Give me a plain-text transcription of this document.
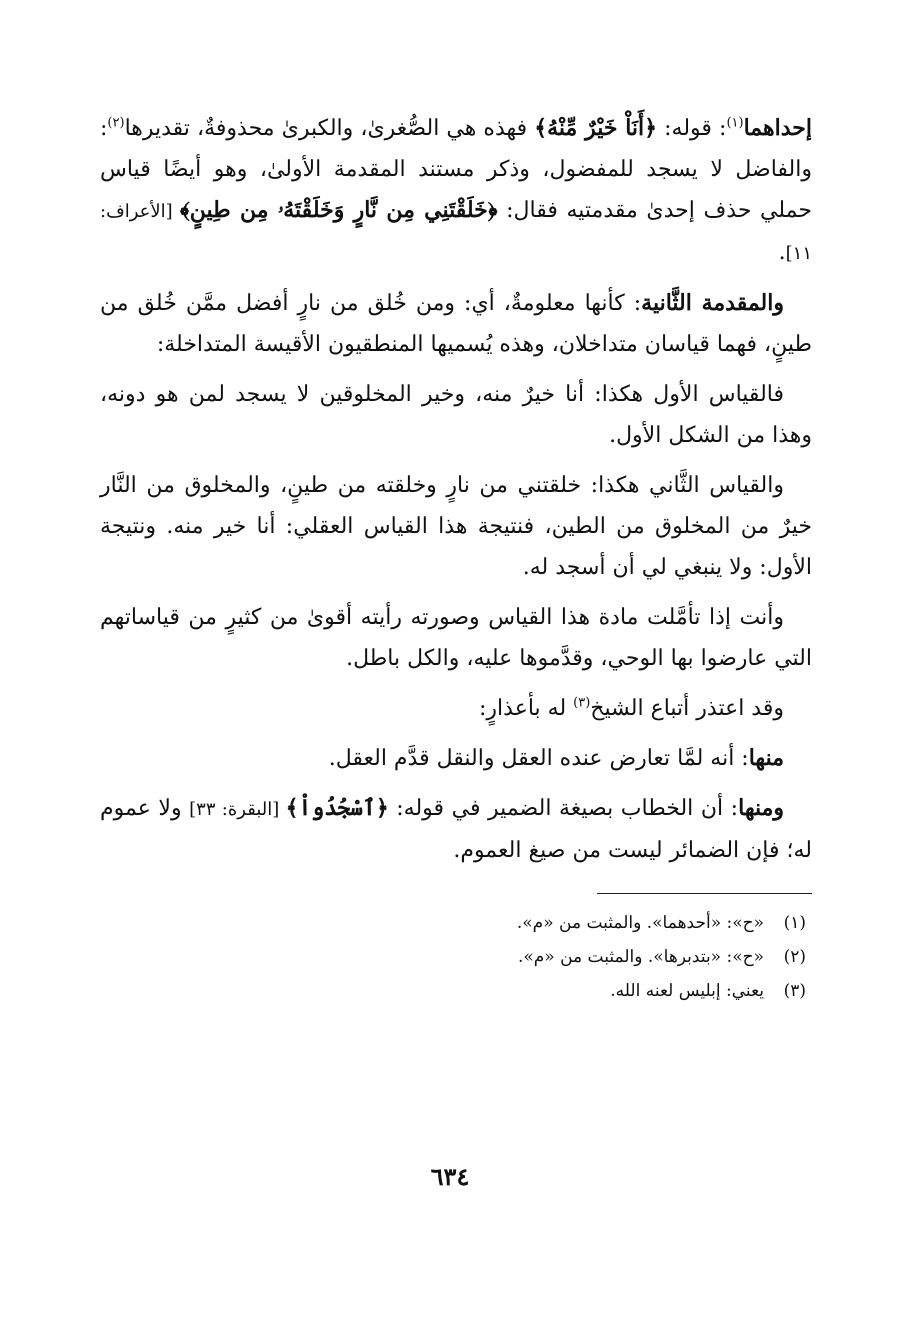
إحداهما$^{(١)}$: قوله: ﴿أَنَاْ خَيْرٌ مِّنْهُ﴾ فهذه هي الصُّغرىٰ، والكبرىٰ محذوفةٌ، تقديرها$^{(٢)}$: والفاضل لا يسجد للمفضول، وذكر مستند المقدمة الأولىٰ، وهو أيضًا قياس حملي حذف إحدىٰ مقدمتيه فقال: ﴿خَلَقْتَنِي مِن نَّارٍ وَخَلَقْتَهُۥ مِن طِينٍ﴾ [الأعراف: ١١].

والمقدمة الثَّانية: كأنها معلومةٌ، أي: ومن خُلق من نارٍ أفضل ممَّن خُلق من طينٍ، فهما قياسان متداخلان، وهذه يُسميها المنطقيون الأقيسة المتداخلة:

فالقياس الأول هكذا: أنا خيرٌ منه، وخير المخلوقين لا يسجد لمن هو دونه، وهذا من الشكل الأول.

والقياس الثَّاني هكذا: خلقتني من نارٍ وخلقته من طينٍ، والمخلوق من النَّار خيرٌ من المخلوق من الطين، فنتيجة هذا القياس العقلي: أنا خير منه. ونتيجة الأول: ولا ينبغي لي أن أسجد له.

وأنت إذا تأمَّلت مادة هذا القياس وصورته رأيته أقوىٰ من كثيرٍ من قياساتهم التي عارضوا بها الوحي، وقدَّموها عليه، والكل باطل.

وقد اعتذر أتباع الشيخ$^{(٣)}$ له بأعذارٍ:

منها: أنه لمَّا تعارض عنده العقل والنقل قدَّم العقل.

ومنها: أن الخطاب بصيغة الضمير في قوله: ﴿ٱسْجُدُواْ﴾ [البقرة: ٣٣] ولا عموم له؛ فإن الضمائر ليست من صيغ العموم.

(١)«ح»: «أحدهما». والمثبت من «م».

(٢)«ح»: «بتدبرها». والمثبت من «م».

(٣)يعني: إبليس لعنه الله.

٦٣٤
